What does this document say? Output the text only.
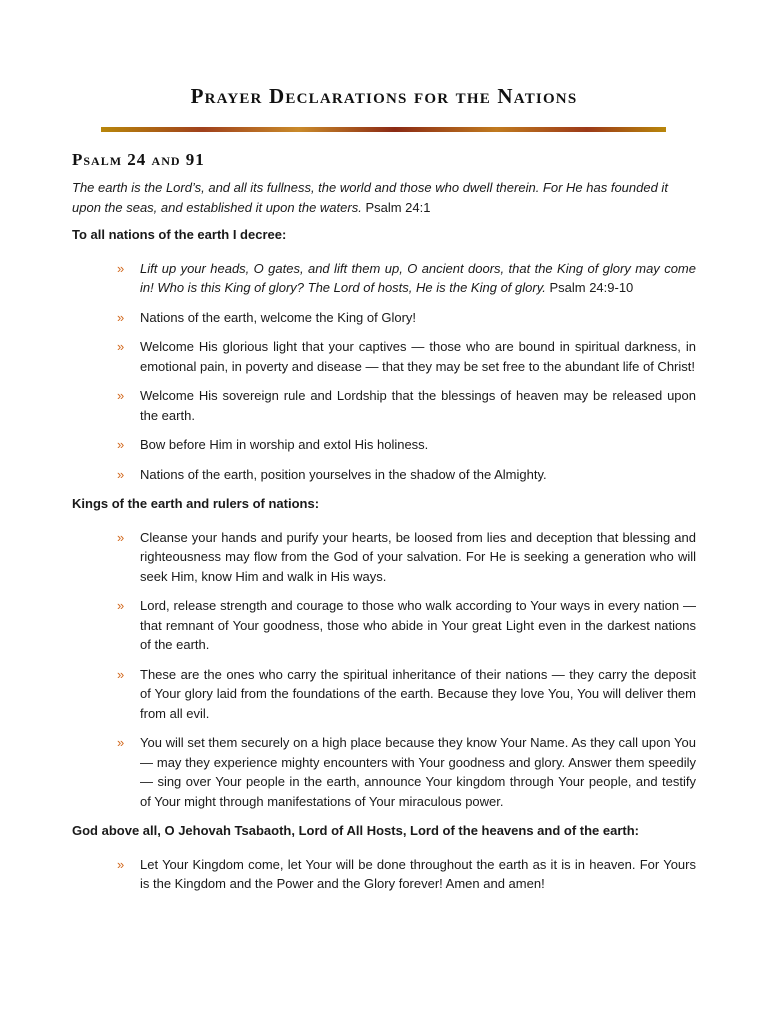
Prayer Declarations for the Nations
Psalm 24 and 91

The earth is the Lord’s, and all its fullness, the world and those who dwell therein. For He has founded it upon the seas, and established it upon the waters. Psalm 24:1

To all nations of the earth I decree:

» Lift up your heads, O gates, and lift them up, O ancient doors, that the King of glory may come in! Who is this King of glory? The Lord of hosts, He is the King of glory. Psalm 24:9-10
» Nations of the earth, welcome the King of Glory!
» Welcome His glorious light that your captives — those who are bound in spiritual darkness, in emotional pain, in poverty and disease — that they may be set free to the abundant life of Christ!
» Welcome His sovereign rule and Lordship that the blessings of heaven may be released upon the earth.
» Bow before Him in worship and extol His holiness.
» Nations of the earth, position yourselves in the shadow of the Almighty.

Kings of the earth and rulers of nations:

» Cleanse your hands and purify your hearts, be loosed from lies and deception that blessing and righteousness may flow from the God of your salvation. For He is seeking a generation who will seek Him, know Him and walk in His ways.
» Lord, release strength and courage to those who walk according to Your ways in every nation — that remnant of Your goodness, those who abide in Your great Light even in the darkest nations of the earth.
» These are the ones who carry the spiritual inheritance of their nations — they carry the deposit of Your glory laid from the foundations of the earth. Because they love You, You will deliver them from all evil.
» You will set them securely on a high place because they know Your Name. As they call upon You — may they experience mighty encounters with Your goodness and glory. Answer them speedily — sing over Your people in the earth, announce Your kingdom through Your people, and testify of Your might through manifestations of Your miraculous power.

God above all, O Jehovah Tsabaoth, Lord of All Hosts, Lord of the heavens and of the earth:

» Let Your Kingdom come, let Your will be done throughout the earth as it is in heaven. For Yours is the Kingdom and the Power and the Glory forever! Amen and amen!
